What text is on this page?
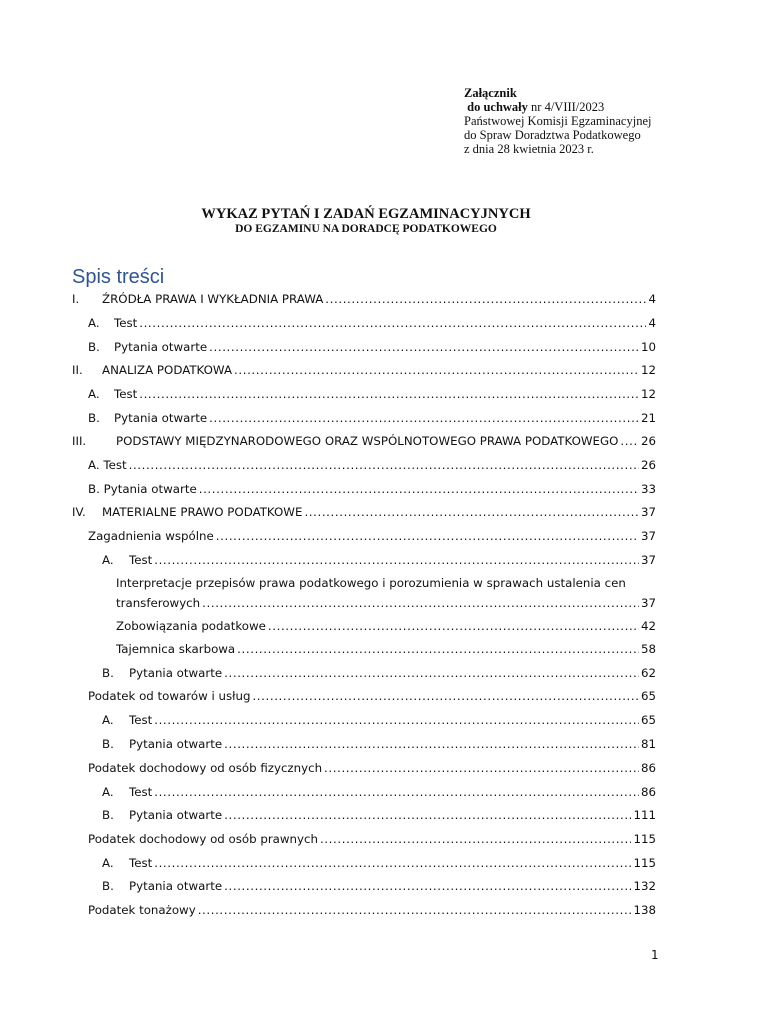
Załącznik
do uchwały nr 4/VIII/2023
Państwowej Komisji Egzaminacyjnej
do Spraw Doradztwa Podatkowego
z dnia 28 kwietnia 2023 r.
WYKAZ PYTAŃ I ZADAŃ EGZAMINACYJNYCH
DO EGZAMINU NA DORADCĘ PODATKOWEGO
Spis treści
I.	ŹRÓDŁA PRAWA I WYKŁADNIA PRAWA .....	4
A.	Test .....	4
B.	Pytania otwarte .....	10
II.	ANALIZA PODATKOWA .....	12
A.	Test .....	12
B.	Pytania otwarte .....	21
III.	PODSTAWY MIĘDZYNARODOWEGO ORAZ WSPÓLNOTOWEGO PRAWA PODATKOWEGO ..... 26
A. Test .....	26
B. Pytania otwarte .....	33
IV.	MATERIALNE PRAWO PODATKOWE .....	37
Zagadnienia wspólne .....	37
A.	Test .....	37
Interpretacje przepisów prawa podatkowego i porozumienia w sprawach ustalenia cen
transferowych .....	37
Zobowiązania podatkowe .....	42
Tajemnica skarbowa .....	58
B.	Pytania otwarte .....	62
Podatek od towarów i usług .....	65
A.	Test .....	65
B.	Pytania otwarte .....	81
Podatek dochodowy od osób fizycznych .....	86
A.	Test .....	86
B.	Pytania otwarte .....	111
Podatek dochodowy od osób prawnych .....	115
A.	Test .....	115
B.	Pytania otwarte .....	132
Podatek tonażowy .....	138
1
